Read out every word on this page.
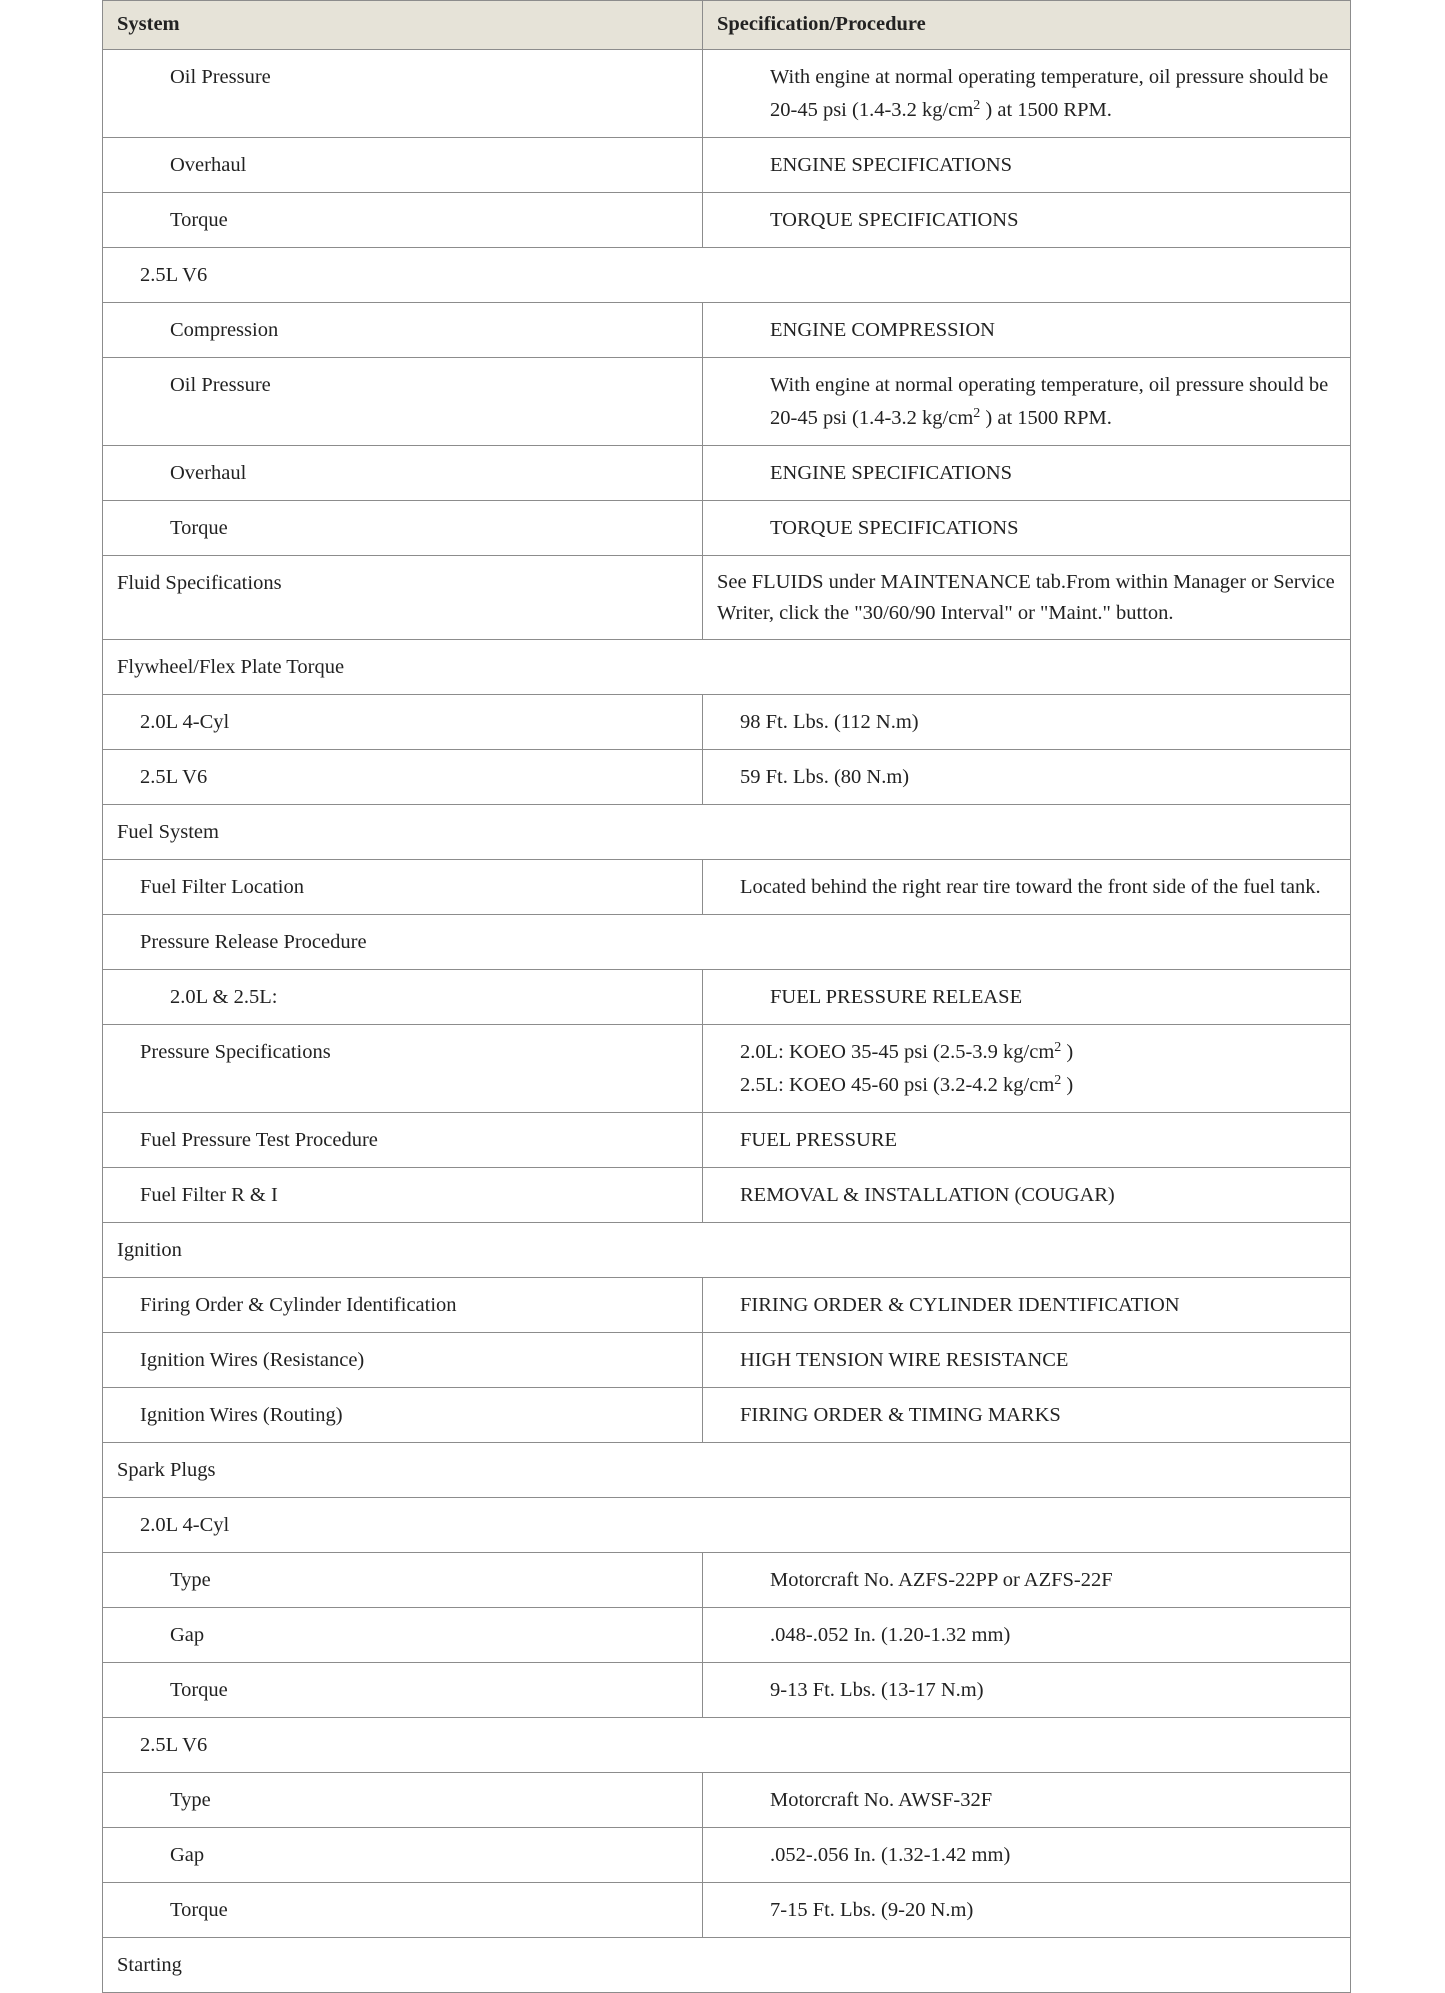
System	Specification/Procedure
Oil Pressure	With engine at normal operating temperature, oil pressure should be 20-45 psi (1.4-3.2 $kg/cm^2$ ) at 1500 RPM.
Overhaul	ENGINE SPECIFICATIONS
Torque	TORQUE SPECIFICATIONS
2.5L V6	
Compression	ENGINE COMPRESSION
Oil Pressure	With engine at normal operating temperature, oil pressure should be 20-45 psi (1.4-3.2 $kg/cm^2$ ) at 1500 RPM.
Overhaul	ENGINE SPECIFICATIONS
Torque	TORQUE SPECIFICATIONS
Fluid Specifications	See FLUIDS under MAINTENANCE tab.From within Manager or Service Writer, click the "30/60/90 Interval" or "Maint." button.
Flywheel/Flex Plate Torque	
2.0L 4-Cyl	98 Ft. Lbs. (112 N.m)
2.5L V6	59 Ft. Lbs. (80 N.m)
Fuel System	
Fuel Filter Location	Located behind the right rear tire toward the front side of the fuel tank.
Pressure Release Procedure	
2.0L & 2.5L:	FUEL PRESSURE RELEASE
Pressure Specifications	2.0L: KOEO 35-45 psi (2.5-3.9 $kg/cm^2$ )
2.5L: KOEO 45-60 psi (3.2-4.2 $kg/cm^2$ )

Fuel Pressure Test Procedure	FUEL PRESSURE
Fuel Filter R & I	REMOVAL & INSTALLATION (COUGAR)
Ignition	
Firing Order & Cylinder Identification	FIRING ORDER & CYLINDER IDENTIFICATION
Ignition Wires (Resistance)	HIGH TENSION WIRE RESISTANCE
Ignition Wires (Routing)	FIRING ORDER & TIMING MARKS
Spark Plugs	
2.0L 4-Cyl	
Type	Motorcraft No. AZFS-22PP or AZFS-22F
Gap	.048-.052 In. (1.20-1.32 mm)
Torque	9-13 Ft. Lbs. (13-17 N.m)
2.5L V6	
Type	Motorcraft No. AWSF-32F
Gap	.052-.056 In. (1.32-1.42 mm)
Torque	7-15 Ft. Lbs. (9-20 N.m)
Starting	
